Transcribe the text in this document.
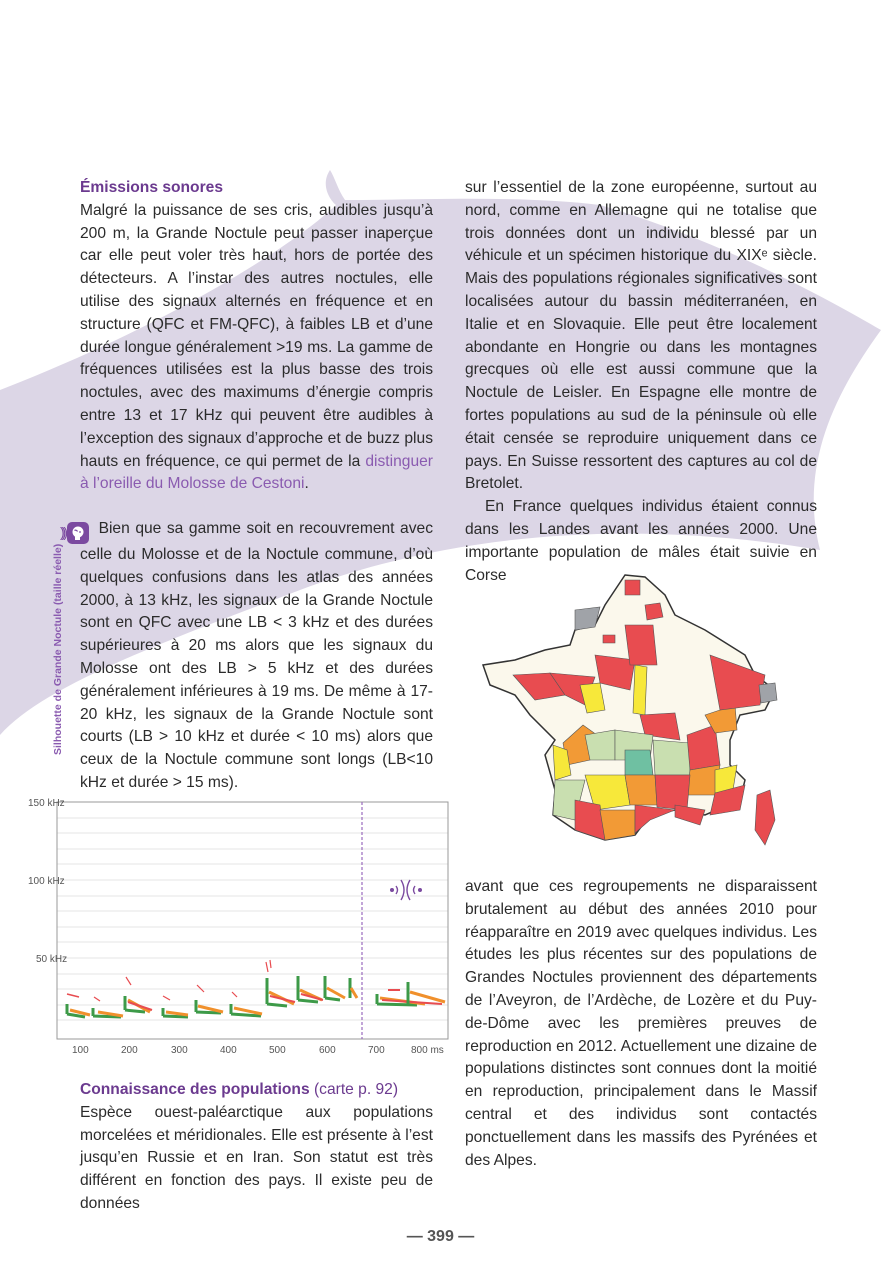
Silhouette de Grande Noctule (taille réelle)
Émissions sonores

Malgré la puissance de ses cris, audibles jusqu’à 200 m, la Grande Noctule peut passer inaperçue car elle peut voler très haut, hors de portée des détecteurs. A l’instar des autres noctules, elle utilise des signaux alternés en fréquence et en structure (QFC et FM-QFC), à faibles LB et d’une durée longue généralement >19 ms. La gamme de fréquences utilisées est la plus basse des trois noctules, avec des maximums d’énergie compris entre 13 et 17 kHz qui peuvent être audibles à l’exception des signaux d’approche et de buzz plus hauts en fréquence, ce qui permet de la distinguer à l’oreille du Molosse de Cestoni.

))) Bien que sa gamme soit en recouvrement avec celle du Molosse et de la Noctule commune, d’où quelques confusions dans les atlas des années 2000, à 13 kHz, les signaux de la Grande Noctule sont en QFC avec une LB < 3 kHz et des durées supérieures à 20 ms alors que les signaux du Molosse ont des LB > 5 kHz et des durées généralement inférieures à 19 ms. De même à 17-20 kHz, les signaux de la Grande Noctule sont courts (LB > 10 kHz et durée < 10 ms) alors que ceux de la Noctule commune sont longs (LB<10 kHz et durée > 15 ms).

150 kHz
100 kHz
50 kHz
100	200	300	400	500	600	700	800 ms

sur l’essentiel de la zone européenne, surtout au nord, comme en Allemagne qui ne totalise que trois données dont un individu blessé par un véhicule et un spécimen historique du XIXᵉ siècle. Mais des populations régionales significatives sont localisées autour du bassin méditerranéen, en Italie et en Slovaquie. Elle peut être localement abondante en Hongrie ou dans les montagnes grecques où elle est aussi commune que la Noctule de Leisler. En Espagne elle montre de fortes populations au sud de la péninsule où elle était censée se reproduire uniquement dans ce pays. En Suisse ressortent des captures au col de Bretolet.

En France quelques individus étaient connus dans les Landes avant les années 2000. Une importante population de mâles était suivie en Corse

avant que ces regroupements ne disparaissent brutalement au début des années 2010 pour réapparaître en 2019 avec quelques individus. Les études les plus récentes sur des populations de Grandes Noctules proviennent des départements de l’Aveyron, de l’Ardèche, de Lozère et du Puy-de-Dôme avec les premières preuves de reproduction en 2012. Actuellement une dizaine de populations distinctes sont connues dont la moitié en reproduction, principalement dans le Massif central et des individus sont contactés ponctuellement dans les massifs des Pyrénées et des Alpes.

Connaissance des populations (carte p. 92)

Espèce ouest-paléarctique aux populations morcelées et méridionales. Elle est présente à l’est jusqu’en Russie et en Iran. Son statut est très différent en fonction des pays. Il existe peu de données

— 399 —
